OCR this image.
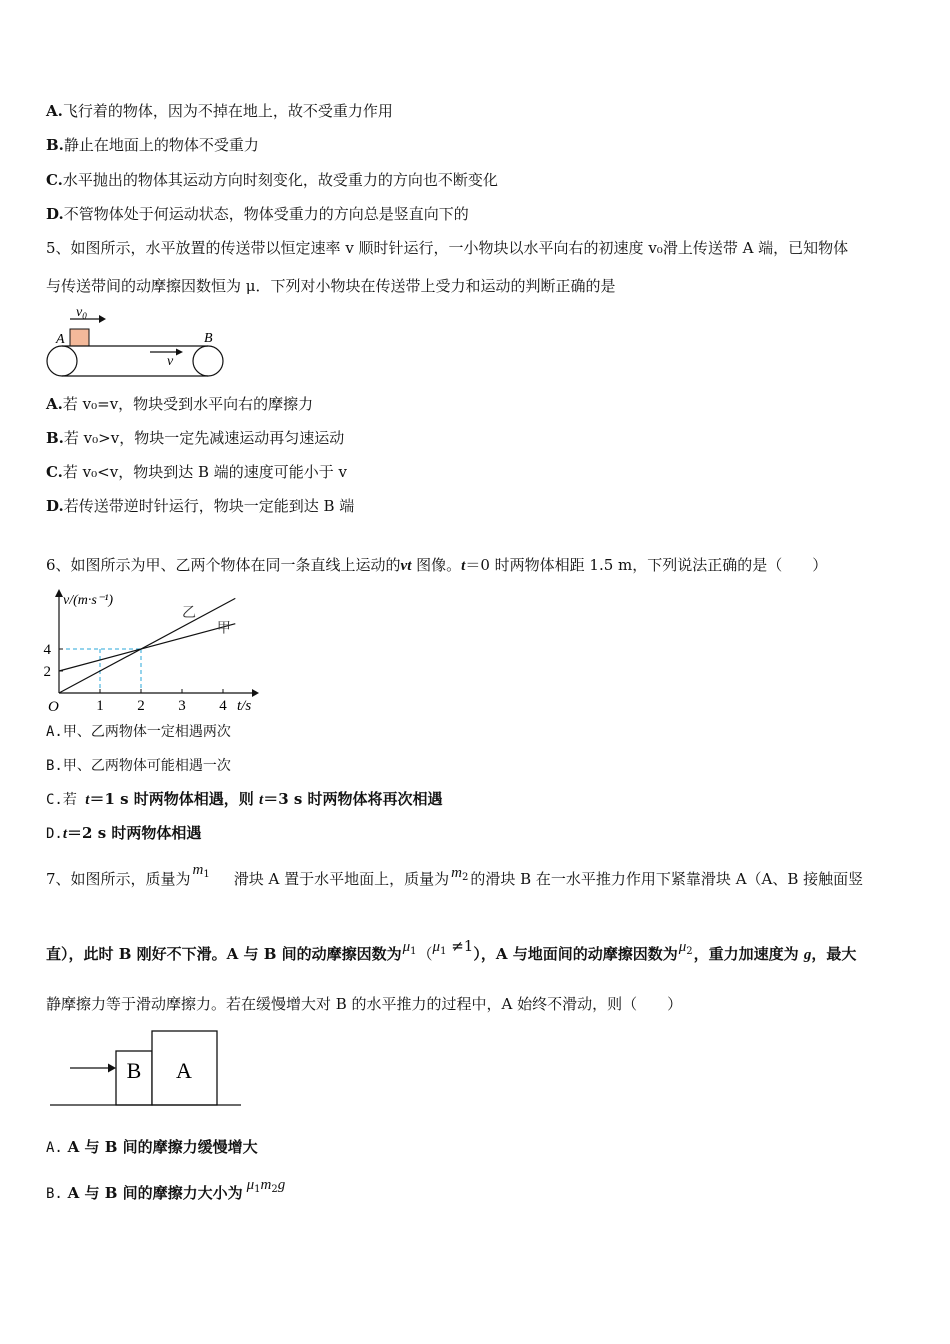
A.飞行着的物体，因为不掉在地上，故不受重力作用
B.静止在地面上的物体不受重力
C.水平抛出的物体其运动方向时刻变化，故受重力的方向也不断变化
D.不管物体处于何运动状态，物体受重力的方向总是竖直向下的
5、如图所示，水平放置的传送带以恒定速率 v 顺时针运行，一小物块以水平向右的初速度 v₀滑上传送带 A 端，已知物体
与传送带间的动摩擦因数恒为 μ．下列对小物块在传送带上受力和运动的判断正确的是
$v_0$
A	B
v
A.若 v₀=v，物块受到水平向右的摩擦力
B.若 v₀>v，物块一定先减速运动再匀速运动
C.若 v₀<v，物块到达 B 端的速度可能小于 v
D.若传送带逆时针运行，物块一定能到达 B 端
6、如图所示为甲、乙两个物体在同一条直线上运动的vt 图像。t＝0 时两物体相距 1.5 m，下列说法正确的是（　　）
1 2 3 4
2
4
乙
甲
O	t/s
v/(m·s⁻¹)
A.甲、乙两物体一定相遇两次
B.甲、乙两物体可能相遇一次
C.若 t＝1 s 时两物体相遇，则 t＝3 s 时两物体将再次相遇
D.t＝2 s 时两物体相遇
7、如图所示，质量为 $m_1$ 滑块 A 置于水平地面上，质量为 $m_2$ 的滑块 B 在一水平推力作用下紧靠滑块 A（A、B 接触面竖
直），此时 B 刚好不下滑。A 与 B 间的动摩擦因数为$\mu_1(\mu_1 \ne 1)$，A 与地面间的动摩擦因数为$\mu_2$，重力加速度为 g，最大
静摩擦力等于滑动摩擦力。若在缓慢增大对 B 的水平推力的过程中，A 始终不滑动，则（　　）
B A
A. A 与 B 间的摩擦力缓慢增大
B. A 与 B 间的摩擦力大小为 $\mu_1m_2g$
